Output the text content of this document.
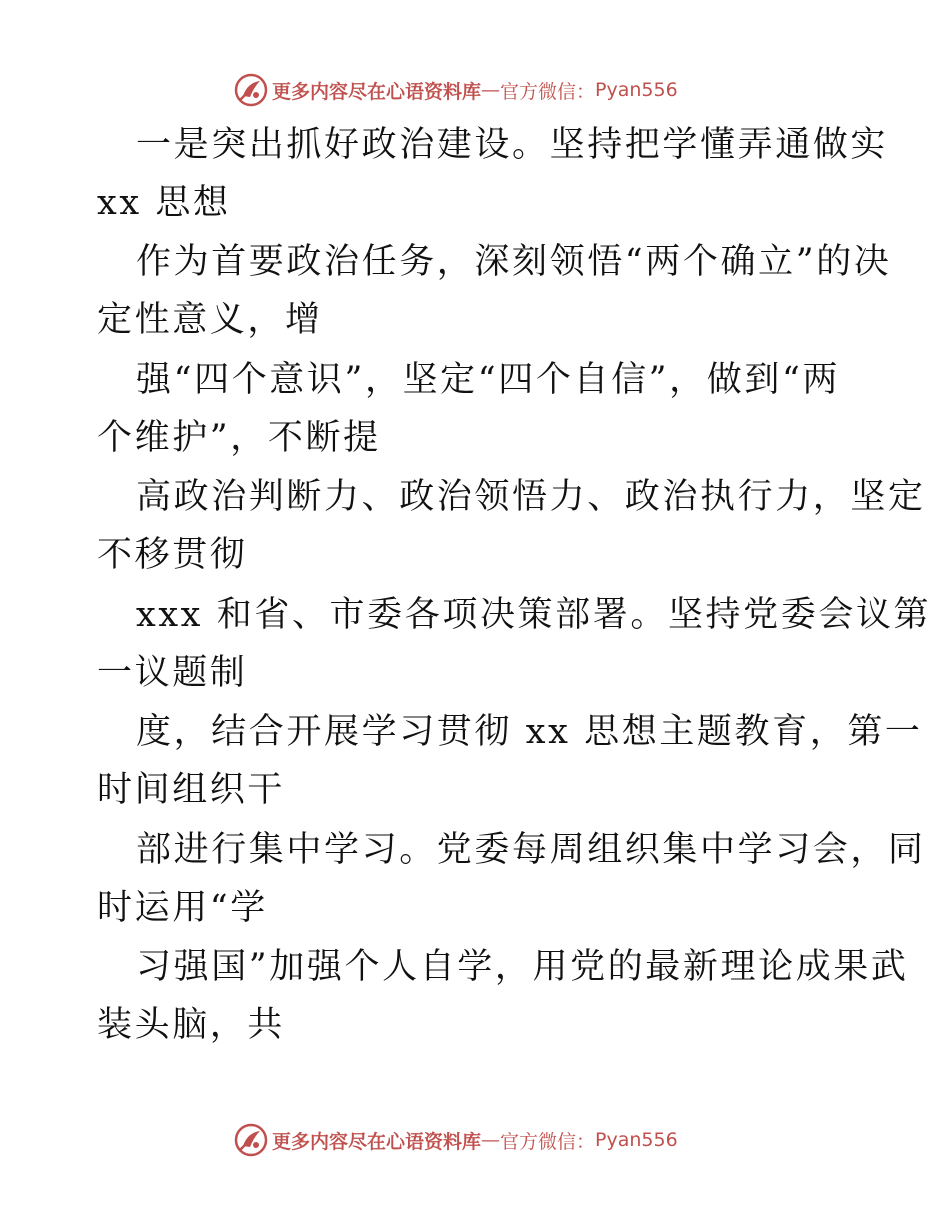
更多内容尽在心语资料库 — 官方微信： Pyan556
一是突出抓好政治建设。坚持把学懂弄通做实
xx 思想
作为首要政治任务，深刻领悟“两个确立”的决
定性意义，增
强“四个意识”，坚定“四个自信”，做到“两
个维护”，不断提
高政治判断力、政治领悟力、政治执行力，坚定
不移贯彻
xxx 和省、市委各项决策部署。坚持党委会议第
一议题制
度，结合开展学习贯彻 xx 思想主题教育，第一
时间组织干
部进行集中学习。党委每周组织集中学习会，同
时运用“学
习强国”加强个人自学，用党的最新理论成果武
装头脑，共
更多内容尽在心语资料库 — 官方微信： Pyan556
